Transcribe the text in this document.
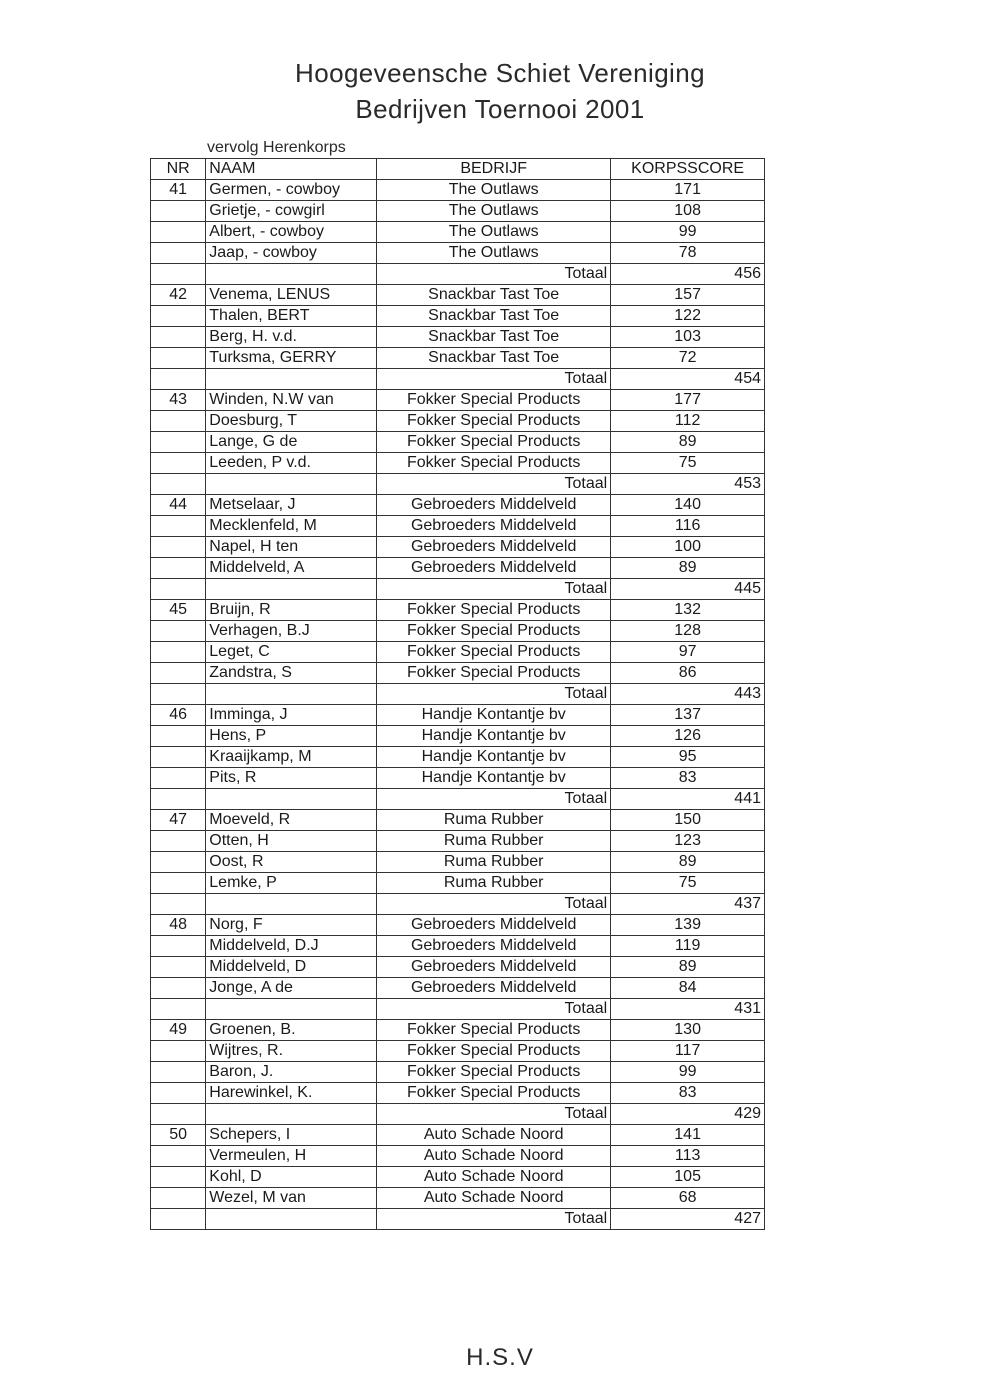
Hoogeveensche Schiet Vereniging
Bedrijven Toernooi 2001
vervolg Herenkorps
NR	NAAM	BEDRIJF	KORPSSCORE
41	Germen, - cowboy	The Outlaws	171
	Grietje, - cowgirl	The Outlaws	108
	Albert, - cowboy	The Outlaws	99
	Jaap, - cowboy	The Outlaws	78
		Totaal	456
42	Venema, LENUS	Snackbar Tast Toe	157
	Thalen, BERT	Snackbar Tast Toe	122
	Berg, H. v.d.	Snackbar Tast Toe	103
	Turksma, GERRY	Snackbar Tast Toe	72
		Totaal	454
43	Winden, N.W van	Fokker Special Products	177
	Doesburg, T	Fokker Special Products	112
	Lange, G de	Fokker Special Products	89
	Leeden, P v.d.	Fokker Special Products	75
		Totaal	453
44	Metselaar, J	Gebroeders Middelveld	140
	Mecklenfeld, M	Gebroeders Middelveld	116
	Napel, H ten	Gebroeders Middelveld	100
	Middelveld, A	Gebroeders Middelveld	89
		Totaal	445
45	Bruijn, R	Fokker Special Products	132
	Verhagen, B.J	Fokker Special Products	128
	Leget, C	Fokker Special Products	97
	Zandstra, S	Fokker Special Products	86
		Totaal	443
46	Imminga, J	Handje Kontantje bv	137
	Hens, P	Handje Kontantje bv	126
	Kraaijkamp, M	Handje Kontantje bv	95
	Pits, R	Handje Kontantje bv	83
		Totaal	441
47	Moeveld, R	Ruma Rubber	150
	Otten, H	Ruma Rubber	123
	Oost, R	Ruma Rubber	89
	Lemke, P	Ruma Rubber	75
		Totaal	437
48	Norg, F	Gebroeders Middelveld	139
	Middelveld, D.J	Gebroeders Middelveld	119
	Middelveld, D	Gebroeders Middelveld	89
	Jonge, A de	Gebroeders Middelveld	84
		Totaal	431
49	Groenen, B.	Fokker Special Products	130
	Wijtres, R.	Fokker Special Products	117
	Baron, J.	Fokker Special Products	99
	Harewinkel, K.	Fokker Special Products	83
		Totaal	429
50	Schepers, I	Auto Schade Noord	141
	Vermeulen, H	Auto Schade Noord	113
	Kohl, D	Auto Schade Noord	105
	Wezel, M van	Auto Schade Noord	68
		Totaal	427
H.S.V
